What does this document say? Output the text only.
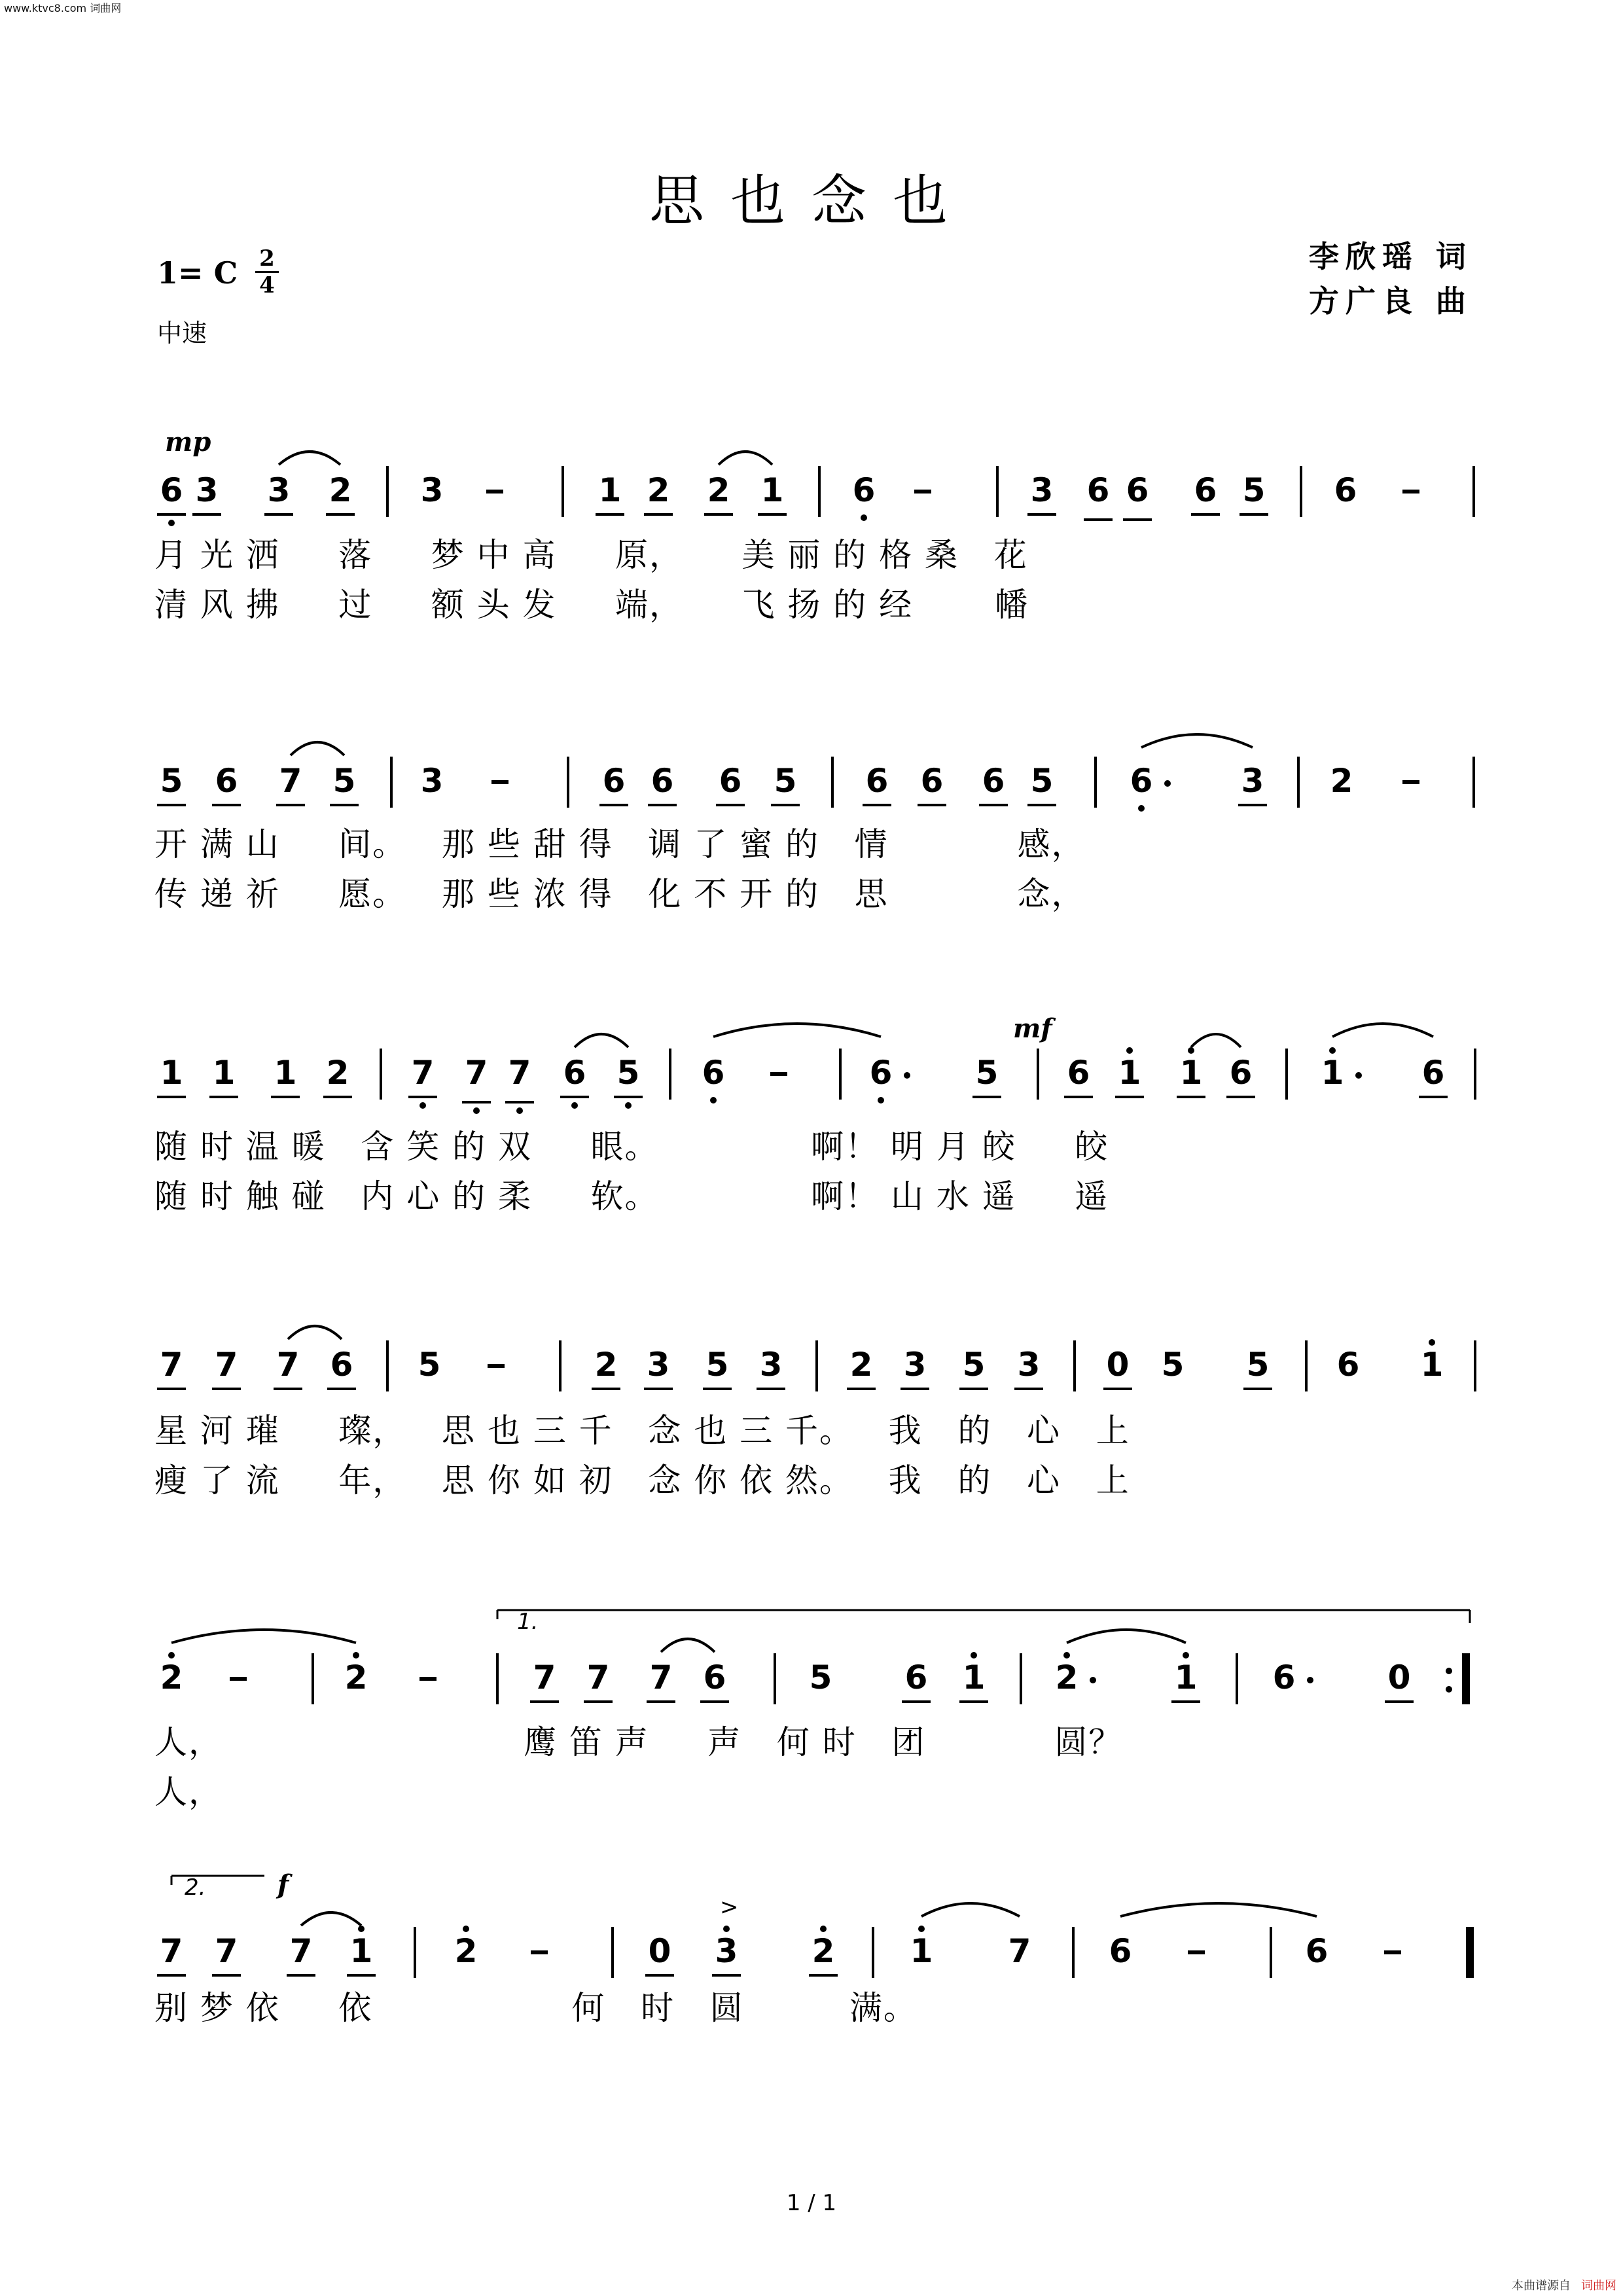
www.ktvc8.com 词曲网
思也念也
1= C 2
4
中速
李欣瑶 词
方广良 曲
mp
mf
f
6 3 3 2 3	1 2 2 1 6	3 6 6 6 5 6
5 6 7 5 3	6 6 6 5 6 6 6 5 6	3 2
1 1 1 2 7 7 7 6 5 6	6	5 6 1 1 6 1 6
7 7 7 6 5	2 3 5 3 2 3 5 3 0 5 5 6 1
2	2	7 7 7 6	5 6 1 2	1 6	0
7 7 7 1	2	0 3 2
>
1 7 6	6
月 光 洒     落     梦 中 高     原，     美 丽 的 格 桑   花
清 风 拂     过     额 头 发     端，     飞 扬 的 经       幡
开 满 山     间。   那 些 甜 得   调 了 蜜 的   情           感，
传 递 祈     愿。   那 些 浓 得   化 不 开 的   思           念，
随 时 温 暖   含 笑 的 双     眼。             啊！ 明 月 皎     皎
随 时 触 碰   内 心 的 柔     软。             啊！ 山 水 遥     遥
星 河 璀     璨，   思 也 三 千   念 也 三 千。   我   的   心   上
瘦 了 流     年，   思 你 如 初   念 你 依 然。   我   的   心   上
人，	鹰 笛 声     声   何 时   团           圆？
人，
别 梦 依     依                 何   时   圆         满。
1.
2.
1 / 1
本曲谱源自 词曲网
